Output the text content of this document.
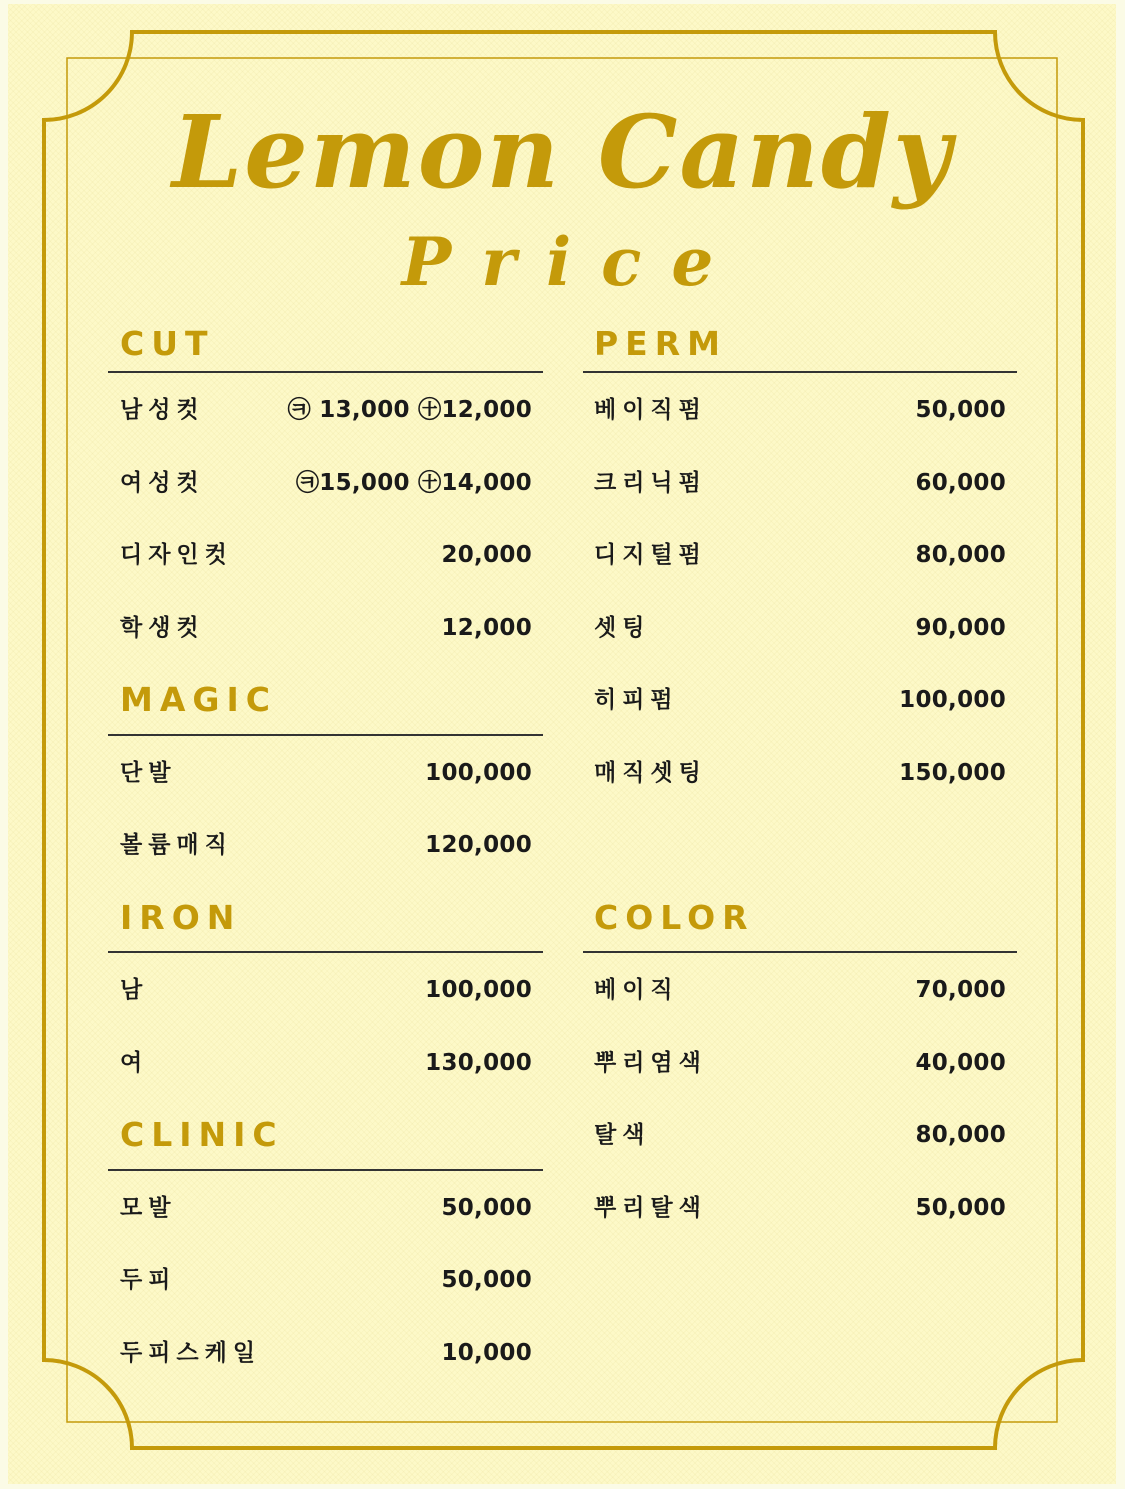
Lemon Candy
Price
CUT
남성컷	㉪ 13,000 ㊉12,000
여성컷	㉪15,000 ㊉14,000
디자인컷	20,000
학생컷	12,000
MAGIC
단발	100,000
볼륨매직	120,000
IRON
남	100,000
여	130,000
CLINIC
모발	50,000
두피	50,000
두피스케일	10,000
PERM
베이직펌	50,000
크리닉펌	60,000
디지털펌	80,000
셋팅	90,000
히피펌	100,000
매직셋팅	150,000
COLOR
베이직	70,000
뿌리염색	40,000
탈색	80,000
뿌리탈색	50,000
